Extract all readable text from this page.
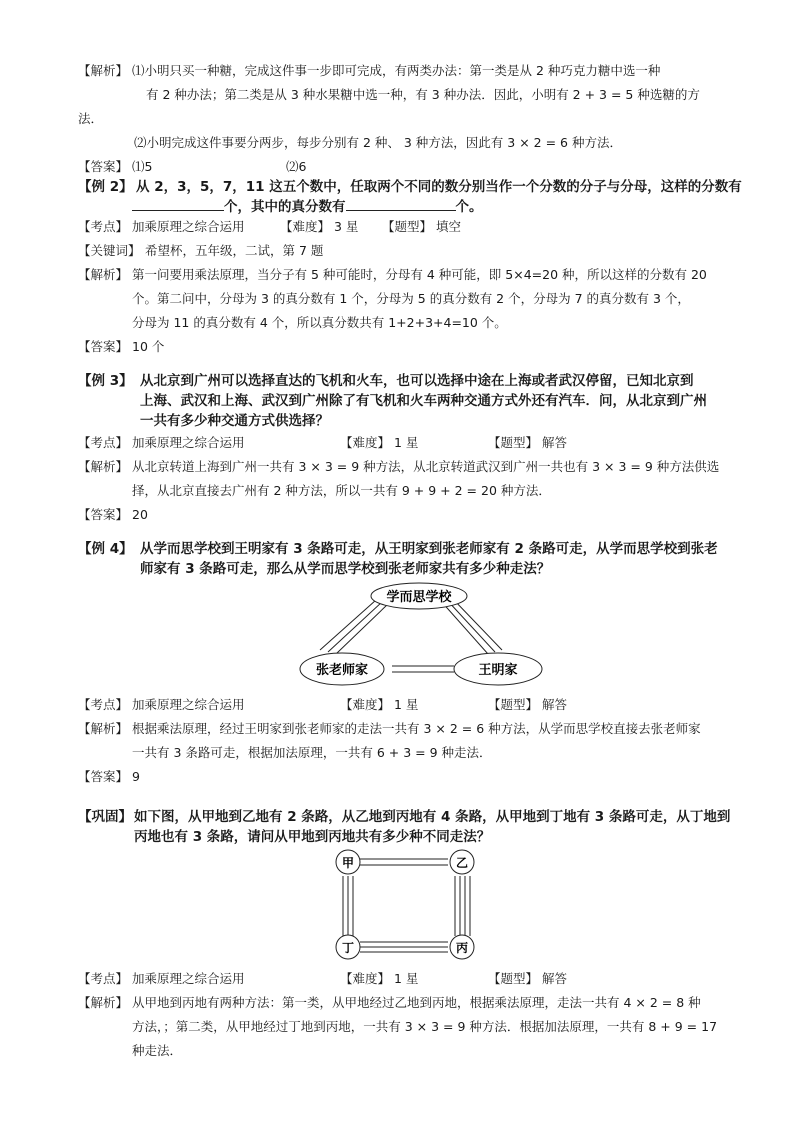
【解析】 ⑴小明只买一种糖，完成这件事一步即可完成，有两类办法：第一类是从 2 种巧克力糖中选一种
有 2 种办法；第二类是从 3 种水果糖中选一种，有 3 种办法．因此，小明有 2 + 3 = 5 种选糖的方
法．
⑵小明完成这件事要分两步，每步分别有 2 种、 3 种方法，因此有 3 × 2 = 6 种方法．
【答案】 ⑴5	⑵6
【例 2】 从 2，3，5，7，11 这五个数中，任取两个不同的数分别当作一个分数的分子与分母，这样的分数有
个，其中的真分数有	个。
【考点】 加乘原理之综合运用	【难度】 3 星 【题型】 填空
【关键词】 希望杯，五年级，二试，第 7 题
【解析】 第一问要用乘法原理，当分子有 5 种可能时，分母有 4 种可能，即 5×4=20 种，所以这样的分数有 20
个。第二问中，分母为 3 的真分数有 1 个，分母为 5 的真分数有 2 个，分母为 7 的真分数有 3 个，
分母为 11 的真分数有 4 个，所以真分数共有 1+2+3+4=10 个。
【答案】 10 个
【例 3】 从北京到广州可以选择直达的飞机和火车，也可以选择中途在上海或者武汉停留，已知北京到
上海、武汉和上海、武汉到广州除了有飞机和火车两种交通方式外还有汽车．问，从北京到广州
一共有多少种交通方式供选择？
【考点】 加乘原理之综合运用	【难度】 1 星	【题型】 解答
【解析】 从北京转道上海到广州一共有 3 × 3 = 9 种方法，从北京转道武汉到广州一共也有 3 × 3 = 9 种方法供选
择，从北京直接去广州有 2 种方法，所以一共有 9 + 9 + 2 = 20 种方法．
【答案】 20
【例 4】 从学而思学校到王明家有 3 条路可走，从王明家到张老师家有 2 条路可走，从学而思学校到张老
师家有 3 条路可走，那么从学而思学校到张老师家共有多少种走法？
学而思学校
张老师家	王明家
【考点】 加乘原理之综合运用	【难度】 1 星	【题型】 解答
【解析】 根据乘法原理，经过王明家到张老师家的走法一共有 3 × 2 = 6 种方法，从学而思学校直接去张老师家
一共有 3 条路可走，根据加法原理，一共有 6 + 3 = 9 种走法．
【答案】 9
【巩固】 如下图，从甲地到乙地有 2 条路，从乙地到丙地有 4 条路，从甲地到丁地有 3 条路可走，从丁地到
丙地也有 3 条路，请问从甲地到丙地共有多少种不同走法？
甲	乙
丁	丙
【考点】 加乘原理之综合运用	【难度】 1 星	【题型】 解答
【解析】 从甲地到丙地有两种方法：第一类，从甲地经过乙地到丙地，根据乘法原理，走法一共有 4 × 2 = 8 种
方法，；第二类，从甲地经过丁地到丙地，一共有 3 × 3 = 9 种方法．根据加法原理，一共有 8 + 9 = 17
种走法．
